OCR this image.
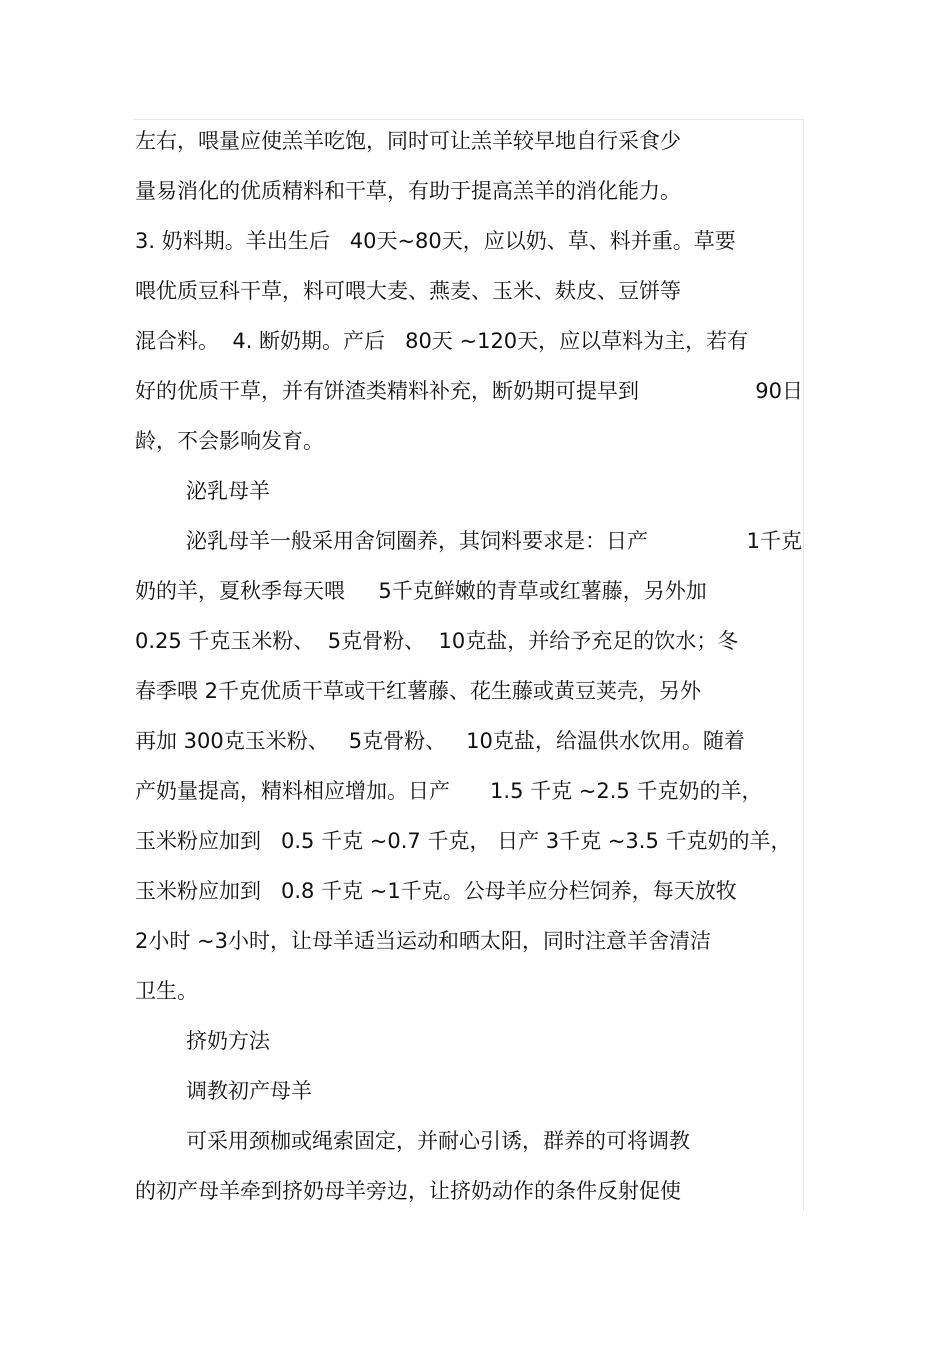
左右，喂量应使羔羊吃饱，同时可让羔羊较早地自行采食少
量易消化的优质精料和干草，有助于提高羔羊的消化能力。
3. 奶料期。羊出生后   40天~80天，应以奶、草、料并重。草要
喂优质豆科干草，料可喂大麦、燕麦、玉米、麸皮、豆饼等
混合料。  4. 断奶期。产后   80天 ~120天，应以草料为主，若有
好的优质干草，并有饼渣类精料补充，断奶期可提早到	90日
龄，不会影响发育。
泌乳母羊
泌乳母羊一般采用舍饲圈养，其饲料要求是：日产	1千克
奶的羊，夏秋季每天喂     5千克鲜嫩的青草或红薯藤，另外加
0.25 千克玉米粉、  5克骨粉、  10克盐，并给予充足的饮水；冬
春季喂 2千克优质干草或干红薯藤、花生藤或黄豆荚壳，另外
再加 300克玉米粉、   5克骨粉、   10克盐，给温供水饮用。随着
产奶量提高，精料相应增加。日产      1.5 千克 ~2.5 千克奶的羊，
玉米粉应加到   0.5 千克 ~0.7 千克， 日产 3千克 ~3.5 千克奶的羊，
玉米粉应加到   0.8 千克 ~1千克。公母羊应分栏饲养，每天放牧
2小时 ~3小时，让母羊适当运动和晒太阳，同时注意羊舍清洁
卫生。
挤奶方法
调教初产母羊
可采用颈枷或绳索固定，并耐心引诱，群养的可将调教
的初产母羊牵到挤奶母羊旁边，让挤奶动作的条件反射促使
